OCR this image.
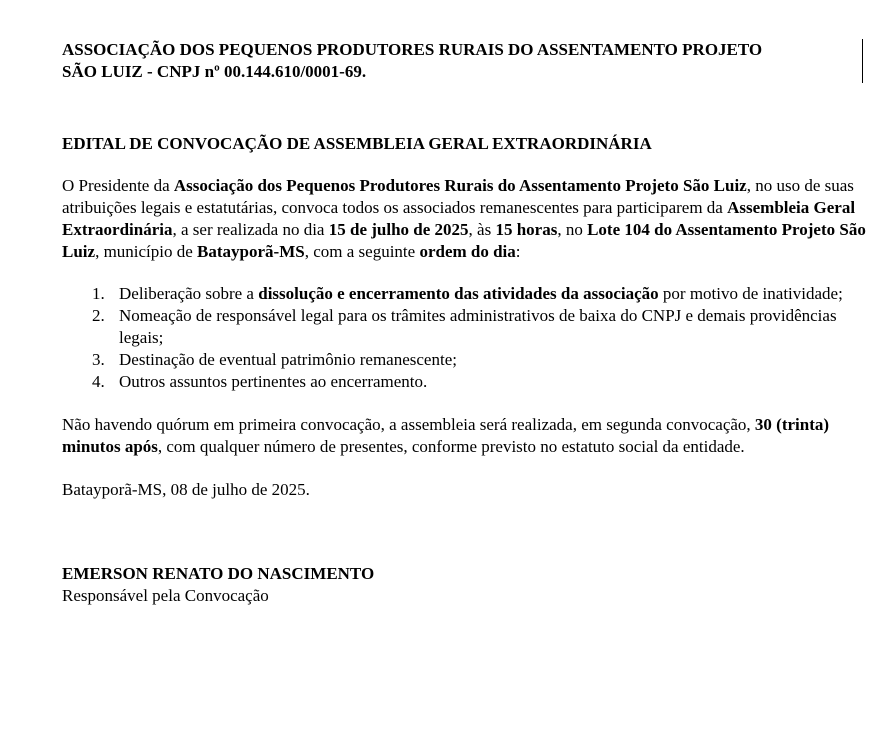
ASSOCIAÇÃO DOS PEQUENOS PRODUTORES RURAIS DO ASSENTAMENTO PROJETO
SÃO LUIZ - CNPJ nº 00.144.610/0001-69.

EDITAL DE CONVOCAÇÃO DE ASSEMBLEIA GERAL EXTRAORDINÁRIA

O Presidente da Associação dos Pequenos Produtores Rurais do Assentamento Projeto São Luiz, no uso de suas atribuições legais e estatutárias, convoca todos os associados remanescentes para participarem da Assembleia Geral Extraordinária, a ser realizada no dia 15 de julho de 2025, às 15 horas, no Lote 104 do Assentamento Projeto São Luiz, município de Batayporã-MS, com a seguinte ordem do dia:

1. Deliberação sobre a dissolução e encerramento das atividades da associação por motivo de inatividade;
2. Nomeação de responsável legal para os trâmites administrativos de baixa do CNPJ e demais providências legais;
3. Destinação de eventual patrimônio remanescente;
4. Outros assuntos pertinentes ao encerramento.

Não havendo quórum em primeira convocação, a assembleia será realizada, em segunda convocação, 30 (trinta) minutos após, com qualquer número de presentes, conforme previsto no estatuto social da entidade.

Batayporã-MS, 08 de julho de 2025.

EMERSON RENATO DO NASCIMENTO

Responsável pela Convocação
